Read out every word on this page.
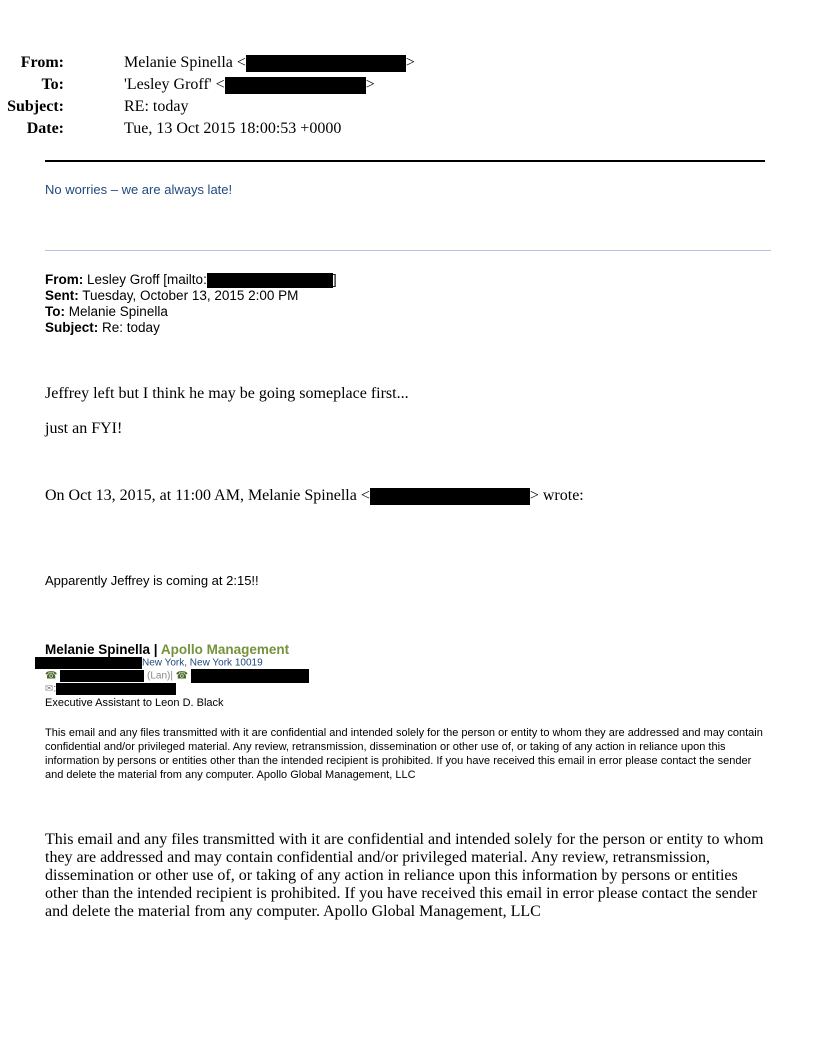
From:	Melanie Spinella <	>
To:	'Lesley Groff' <	>
Subject:	RE: today
Date:	Tue, 13 Oct 2015 18:00:53 +0000
No worries – we are always late!
From: Lesley Groff [mailto:	]
Sent: Tuesday, October 13, 2015 2:00 PM
To: Melanie Spinella
Subject: Re: today
Jeffrey left but I think he may be going someplace first...
just an FYI!
On Oct 13, 2015, at 11:00 AM, Melanie Spinella <	> wrote:
Apparently Jeffrey is coming at 2:15!!
Melanie Spinella | Apollo Management
New York, New York 10019
☎	(Lan)| ☎
✉:
Executive Assistant to Leon D. Black
This email and any files transmitted with it are confidential and intended solely for the person or entity to whom they are addressed and may contain confidential and/or privileged material. Any review, retransmission, dissemination or other use of, or taking of any action in reliance upon this information by persons or entities other than the intended recipient is prohibited. If you have received this email in error please contact the sender and delete the material from any computer. Apollo Global Management, LLC
This email and any files transmitted with it are confidential and intended solely for the person or entity to whom they are addressed and may contain confidential and/or privileged material. Any review, retransmission, dissemination or other use of, or taking of any action in reliance upon this information by persons or entities other than the intended recipient is prohibited. If you have received this email in error please contact the sender and delete the material from any computer. Apollo Global Management, LLC
